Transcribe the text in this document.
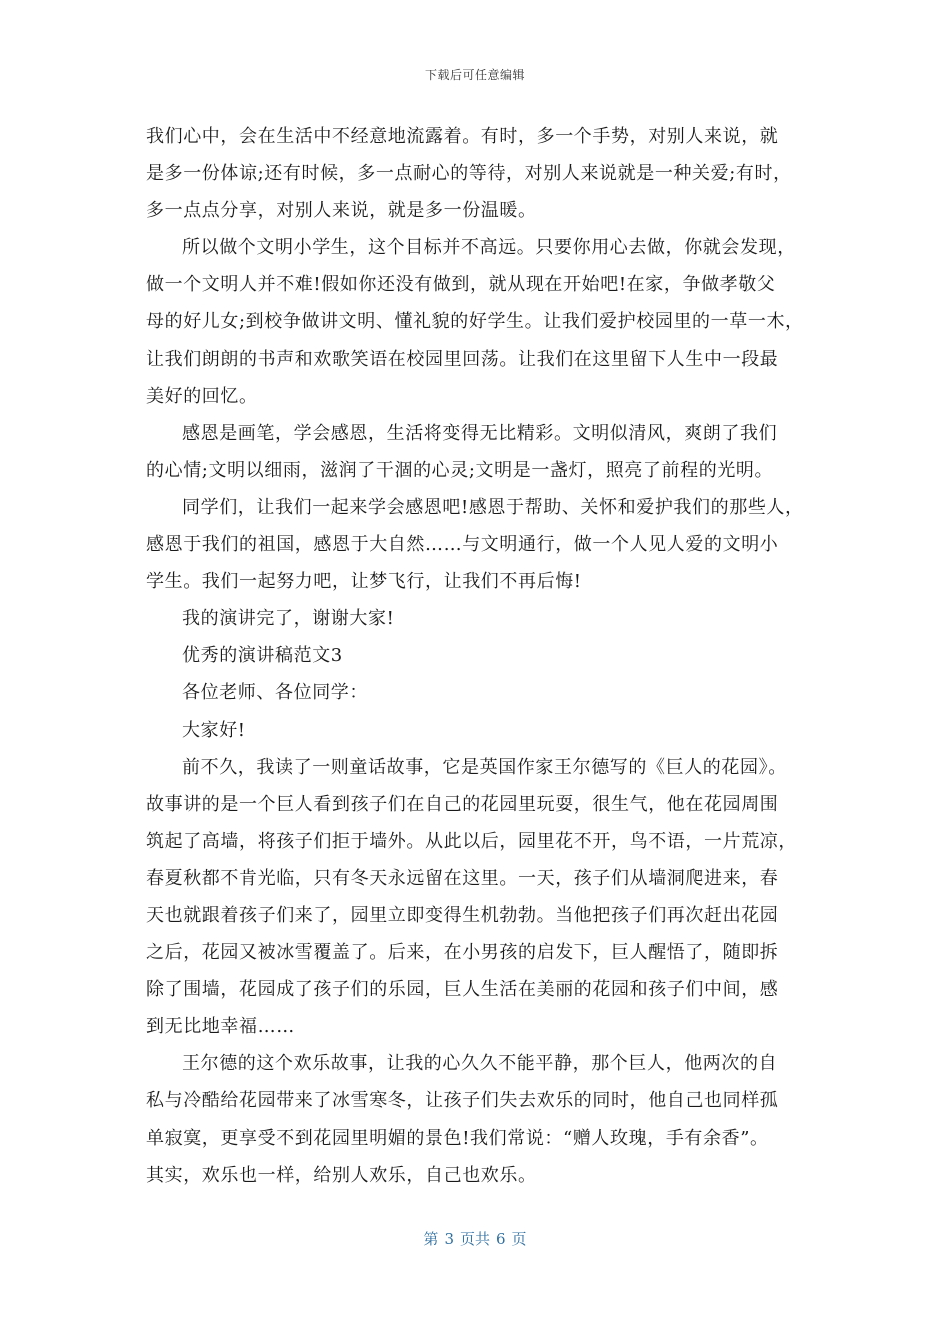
下载后可任意编辑
我们心中，会在生活中不经意地流露着。有时，多一个手势，对别人来说，就
是多一份体谅;还有时候，多一点耐心的等待，对别人来说就是一种关爱;有时，
多一点点分享，对别人来说，就是多一份温暖。
所以做个文明小学生，这个目标并不高远。只要你用心去做，你就会发现，
做一个文明人并不难!假如你还没有做到，就从现在开始吧!在家，争做孝敬父
母的好儿女;到校争做讲文明、懂礼貌的好学生。让我们爱护校园里的一草一木，
让我们朗朗的书声和欢歌笑语在校园里回荡。让我们在这里留下人生中一段最
美好的回忆。
感恩是画笔，学会感恩，生活将变得无比精彩。文明似清风，爽朗了我们
的心情;文明以细雨，滋润了干涸的心灵;文明是一盏灯，照亮了前程的光明。
同学们，让我们一起来学会感恩吧!感恩于帮助、关怀和爱护我们的那些人，
感恩于我们的祖国，感恩于大自然……与文明通行，做一个人见人爱的文明小
学生。我们一起努力吧，让梦飞行，让我们不再后悔!
我的演讲完了，谢谢大家!
优秀的演讲稿范文3
各位老师、各位同学：
大家好!
前不久，我读了一则童话故事，它是英国作家王尔德写的《巨人的花园》。
故事讲的是一个巨人看到孩子们在自己的花园里玩耍，很生气，他在花园周围
筑起了高墙，将孩子们拒于墙外。从此以后，园里花不开，鸟不语，一片荒凉，
春夏秋都不肯光临，只有冬天永远留在这里。一天，孩子们从墙洞爬进来，春
天也就跟着孩子们来了，园里立即变得生机勃勃。当他把孩子们再次赶出花园
之后，花园又被冰雪覆盖了。后来，在小男孩的启发下，巨人醒悟了，随即拆
除了围墙，花园成了孩子们的乐园，巨人生活在美丽的花园和孩子们中间，感
到无比地幸福……
王尔德的这个欢乐故事，让我的心久久不能平静，那个巨人，他两次的自
私与冷酷给花园带来了冰雪寒冬，让孩子们失去欢乐的同时，他自己也同样孤
单寂寞，更享受不到花园里明媚的景色!我们常说：“赠人玫瑰，手有余香”。
其实，欢乐也一样，给别人欢乐，自己也欢乐。
第 3 页共 6 页
